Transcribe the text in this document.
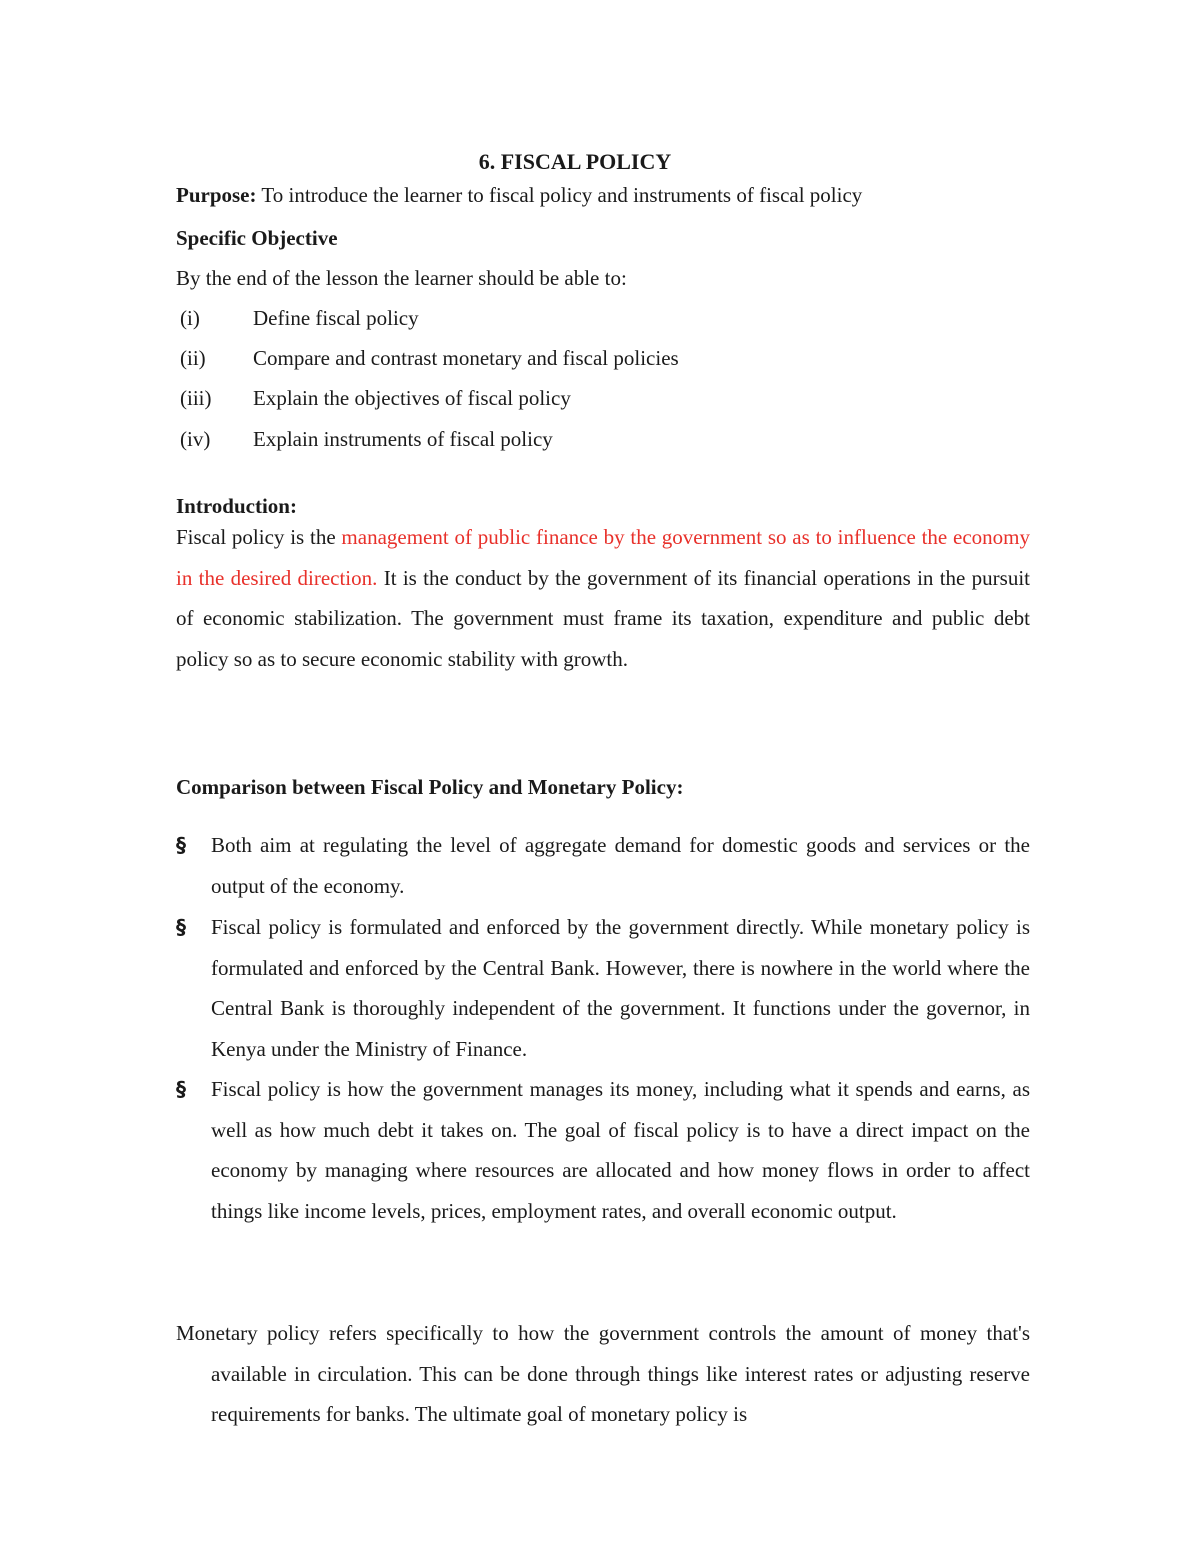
6. FISCAL POLICY
Purpose: To introduce the learner to fiscal policy and instruments of fiscal policy
Specific Objective
By the end of the lesson the learner should be able to:
(i)	Define fiscal policy
(ii) Compare and contrast monetary and fiscal policies
(iii) Explain the objectives of fiscal policy
(iv) Explain instruments of fiscal policy
Introduction:
Fiscal policy is the management of public finance by the government so as to influence the economy in the desired direction. It is the conduct by the government of its financial operations in the pursuit of economic stabilization. The government must frame its taxation, expenditure and public debt policy so as to secure economic stability with growth.
Comparison between Fiscal Policy and Monetary Policy:
§ Both aim at regulating the level of aggregate demand for domestic goods and services or the output of the economy.
§ Fiscal policy is formulated and enforced by the government directly. While monetary policy is formulated and enforced by the Central Bank. However, there is nowhere in the world where the Central Bank is thoroughly independent of the government. It functions under the governor, in Kenya under the Ministry of Finance.
§ Fiscal policy is how the government manages its money, including what it spends and earns, as well as how much debt it takes on. The goal of fiscal policy is to have a direct impact on the economy by managing where resources are allocated and how money flows in order to affect things like income levels, prices, employment rates, and overall economic output.
Monetary policy refers specifically to how the government controls the amount of money that's available in circulation. This can be done through things like interest rates or adjusting reserve requirements for banks. The ultimate goal of monetary policy is
